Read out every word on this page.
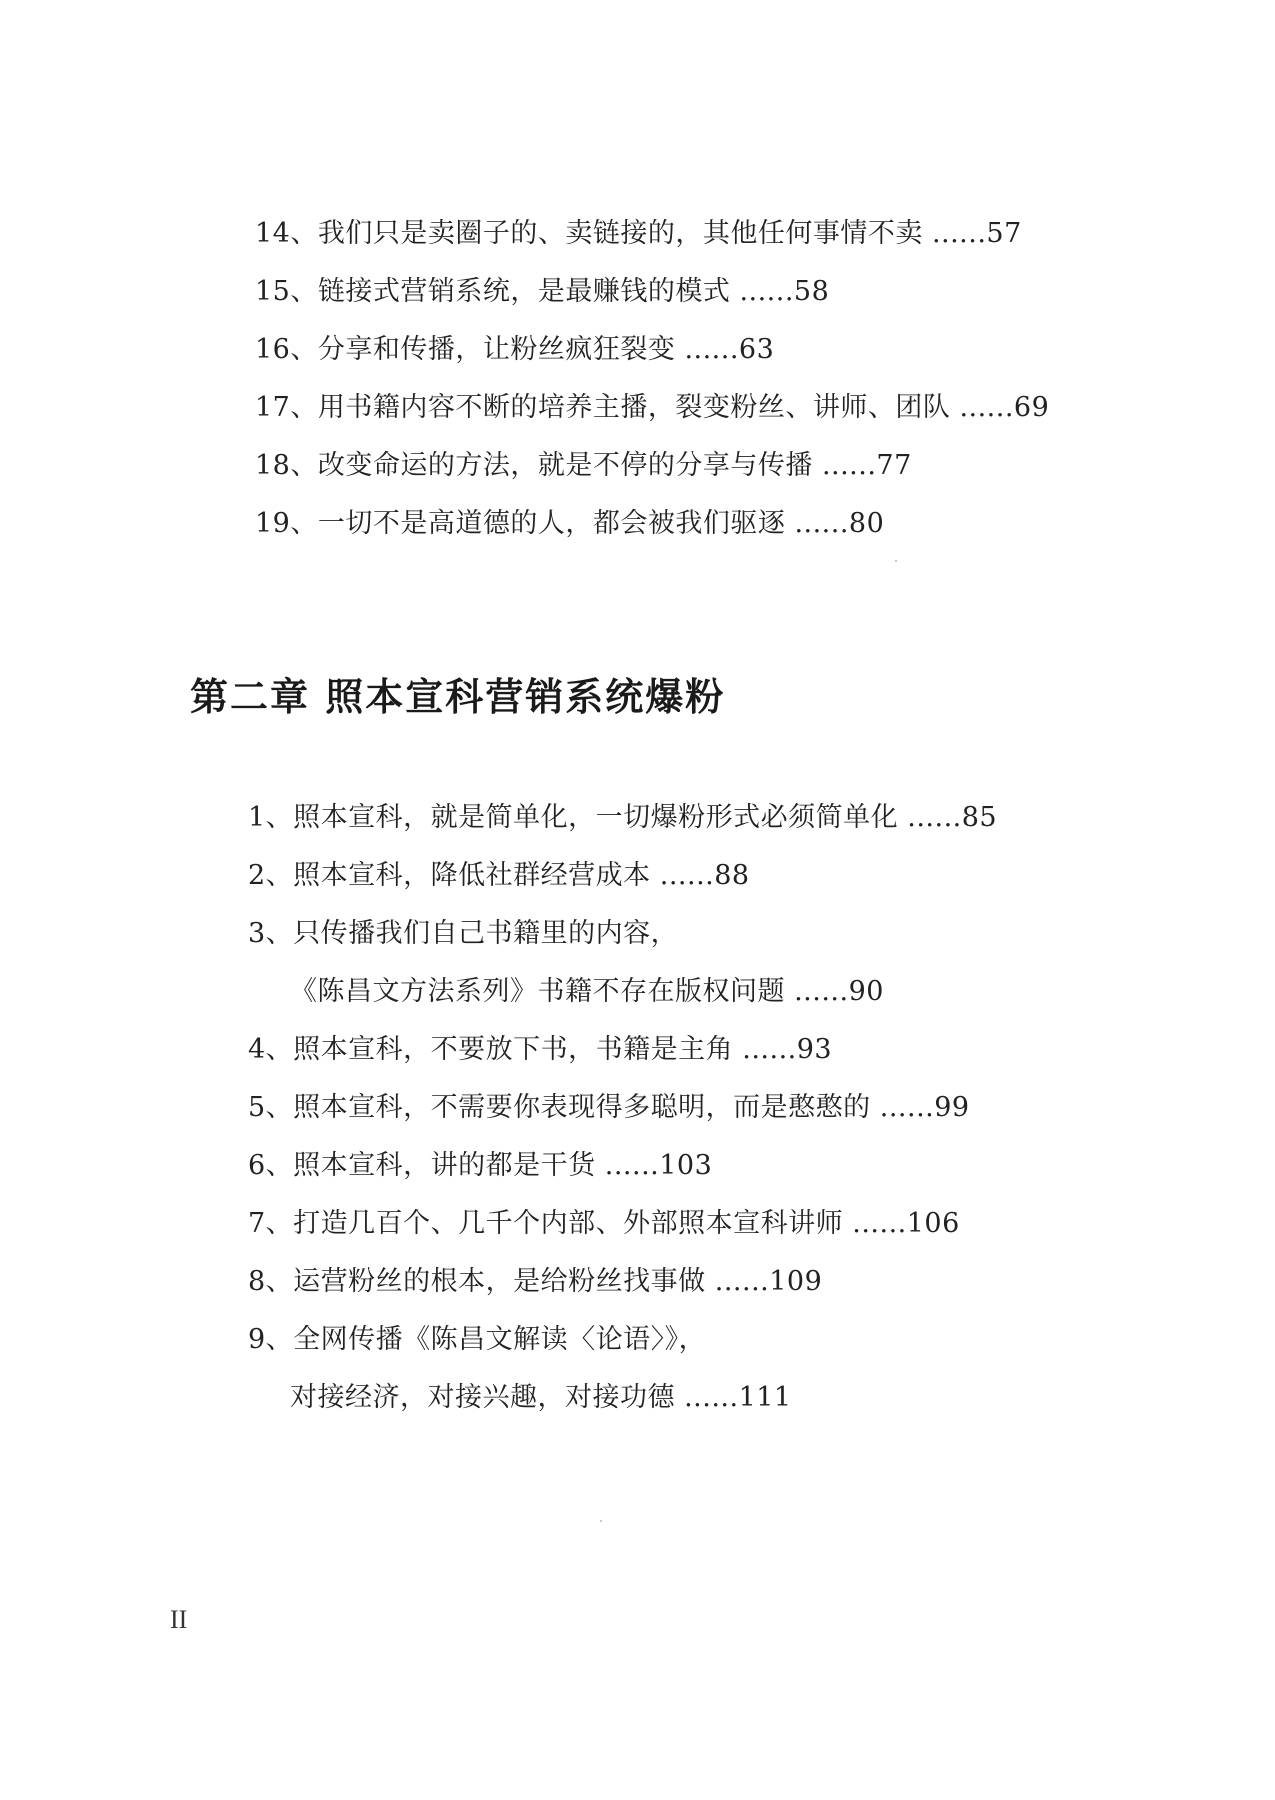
14、我们只是卖圈子的、卖链接的，其他任何事情不卖 ......57
15、链接式营销系统，是最赚钱的模式 ......58
16、分享和传播，让粉丝疯狂裂变 ......63
17、用书籍内容不断的培养主播，裂变粉丝、讲师、团队 ......69
18、改变命运的方法，就是不停的分享与传播 ......77
19、一切不是高道德的人，都会被我们驱逐 ......80
第二章 照本宣科营销系统爆粉
1、照本宣科，就是简单化，一切爆粉形式必须简单化 ......85
2、照本宣科，降低社群经营成本 ......88
3、只传播我们自己书籍里的内容，
《陈昌文方法系列》书籍不存在版权问题 ......90
4、照本宣科，不要放下书，书籍是主角 ......93
5、照本宣科，不需要你表现得多聪明，而是憨憨的 ......99
6、照本宣科，讲的都是干货 ......103
7、打造几百个、几千个内部、外部照本宣科讲师 ......106
8、运营粉丝的根本，是给粉丝找事做 ......109
9、全网传播《陈昌文解读〈论语〉》，
对接经济，对接兴趣，对接功德 ......111
II
